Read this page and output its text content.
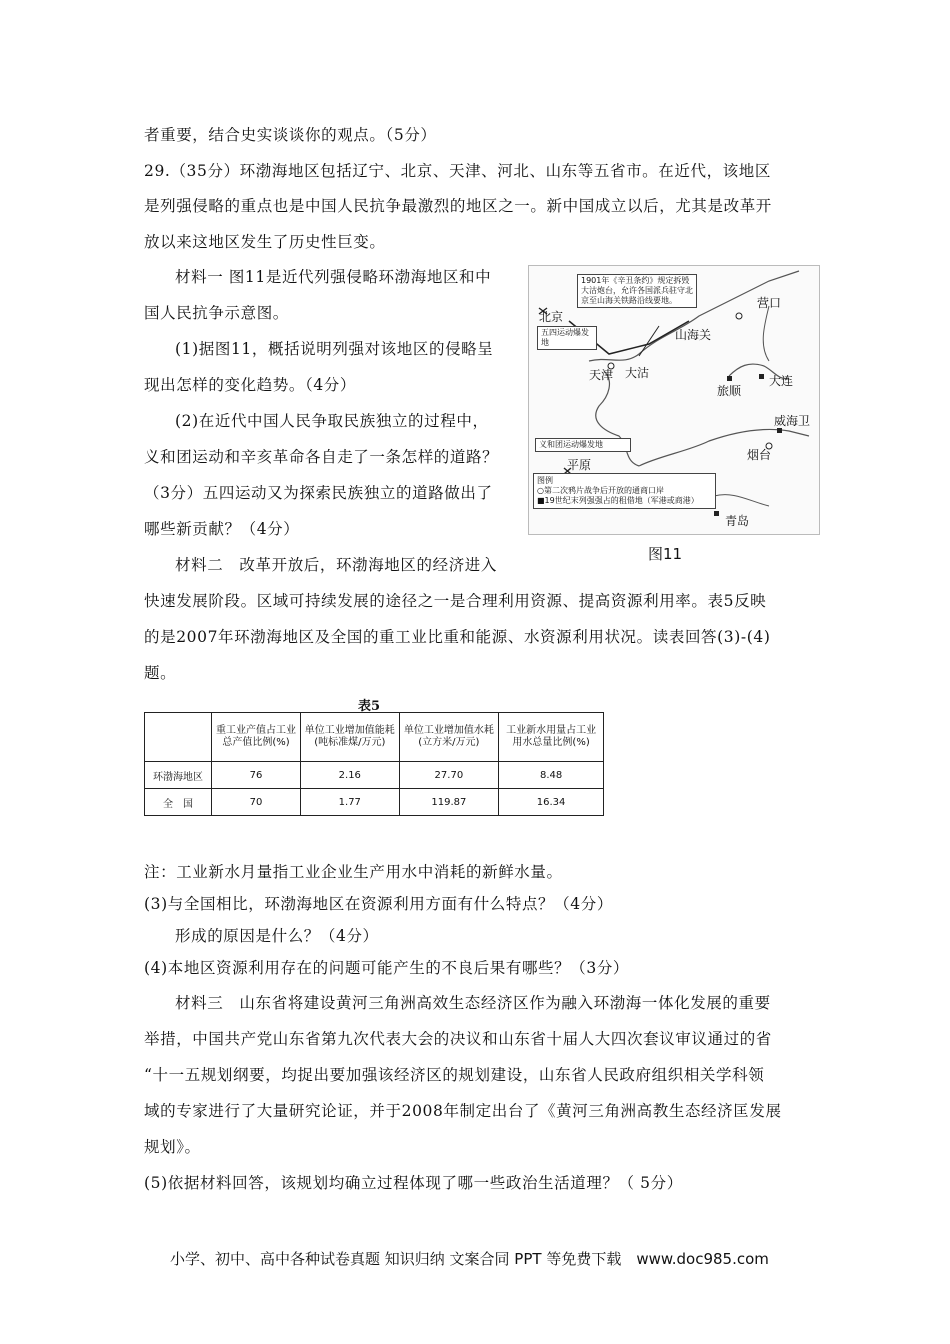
者重要，结合史实谈谈你的观点。（5分）
29.（35分）环渤海地区包括辽宁、北京、天津、河北、山东等五省市。在近代，该地区
是列强侵略的重点也是中国人民抗争最激烈的地区之一。新中国成立以后，尤其是改革开
放以来这地区发生了历史性巨变。
材料一 图11是近代列强侵略环渤海地区和中
国人民抗争示意图。
(1)据图11，概括说明列强对该地区的侵略呈
现出怎样的变化趋势。（4分）
(2)在近代中国人民争取民族独立的过程中，
义和团运动和辛亥革命各自走了一条怎样的道路？
（3分）五四运动又为探索民族独立的道路做出了
哪些新贡献？（4分）
材料二　改革开放后，环渤海地区的经济进入
快速发展阶段。区域可持续发展的途径之一是合理利用资源、提高资源利用率。表5反映
的是2007年环渤海地区及全国的重工业比重和能源、水资源利用状况。读表回答(3)-(4)
题。
1901年《辛丑条约》规定拆毁大沽炮台，允许各国派兵驻守北京至山海关铁路沿线要地。
五四运动爆发地
义和团运动爆发地
北京
天津 大沽
山海关
营口
旅顺
大连
威海卫
烟台
平原
青岛
图例
○第二次鸦片战争后开放的通商口岸
■19世纪末列强强占的租借地（军港或商港）
图11
表5
	重工业产值占工业总产值比例(%)	单位工业增加值能耗(吨标准煤/万元)	单位工业增加值水耗(立方米/万元)	工业新水用量占工业用水总量比例(%)
环渤海地区	76	2.16	27.70	8.48
全　国	70	1.77	119.87	16.34
注：工业新水月量指工业企业生产用水中消耗的新鲜水量。
(3)与全国相比，环渤海地区在资源利用方面有什么特点？（4分）
形成的原因是什么？（4分）
(4)本地区资源利用存在的问题可能产生的不良后果有哪些？（3分）
材料三　山东省将建设黄河三角洲高效生态经济区作为融入环渤海一体化发展的重要
举措，中国共产党山东省第九次代表大会的决议和山东省十届人大四次套议审议通过的省
“十一五规划纲要，均捉出要加强该经济区的规划建设，山东省人民政府组织相关学科领
域的专家进行了大量研究论证，并于2008年制定出台了《黄河三角洲高教生态经济匡发展
规划》。
(5)依据材料回答，该规划均确立过程体现了哪一些政治生活道理？（ 5分）
小学、初中、高中各种试卷真题 知识归纳 文案合同 PPT 等免费下载　www.doc985.com
